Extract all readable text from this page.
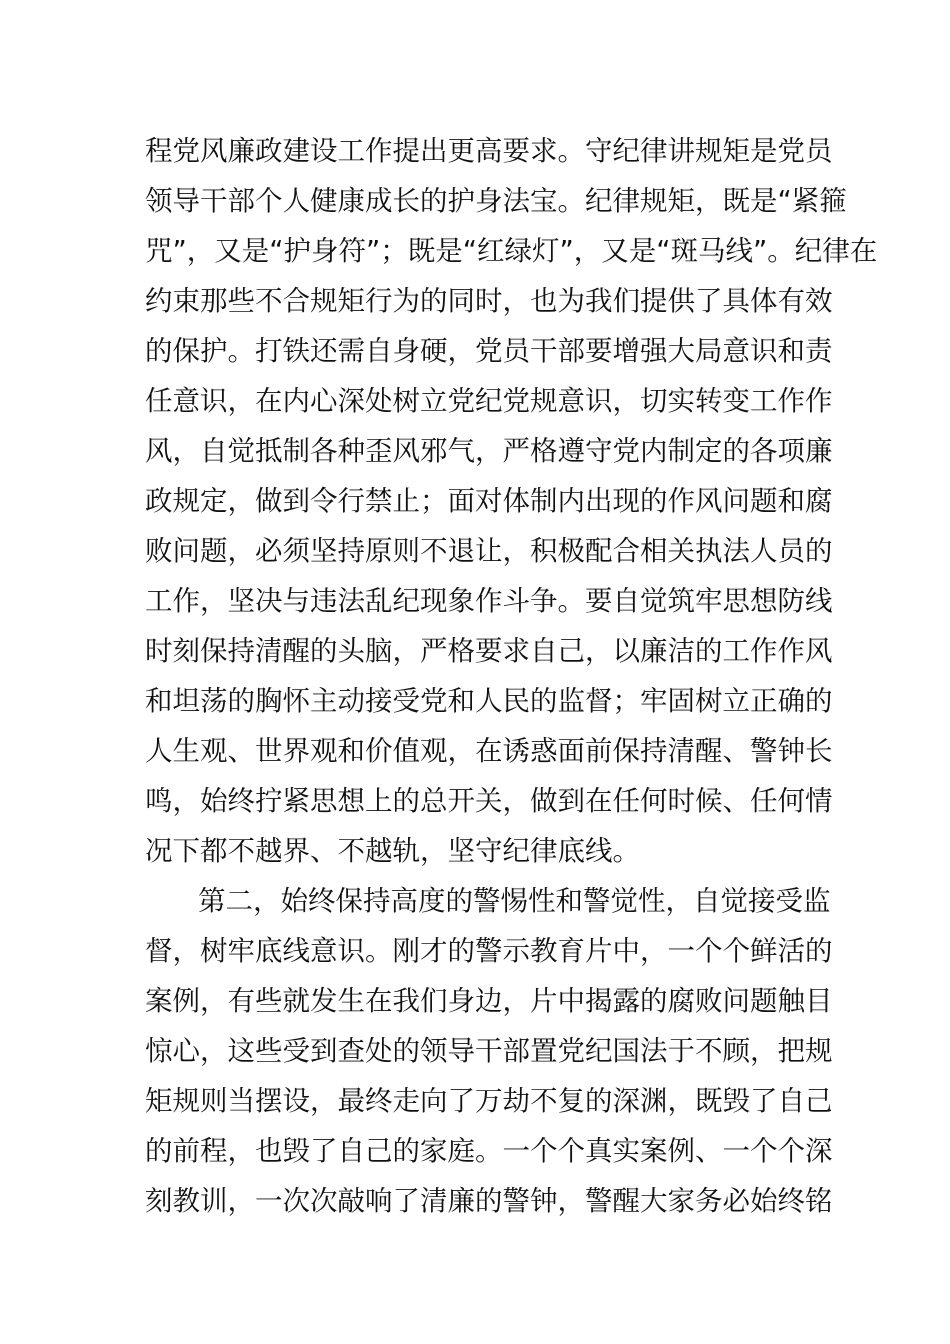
程党风廉政建设工作提出更高要求。守纪律讲规矩是党员
领导干部个人健康成长的护身法宝。纪律规矩，既是“紧箍
咒”，又是“护身符”；既是“红绿灯”，又是“斑马线”。纪律在
约束那些不合规矩行为的同时，也为我们提供了具体有效
的保护。打铁还需自身硬，党员干部要增强大局意识和责
任意识，在内心深处树立党纪党规意识，切实转变工作作
风，自觉抵制各种歪风邪气，严格遵守党内制定的各项廉
政规定，做到令行禁止；面对体制内出现的作风问题和腐
败问题，必须坚持原则不退让，积极配合相关执法人员的
工作，坚决与违法乱纪现象作斗争。要自觉筑牢思想防线
时刻保持清醒的头脑，严格要求自己，以廉洁的工作作风
和坦荡的胸怀主动接受党和人民的监督；牢固树立正确的
人生观、世界观和价值观，在诱惑面前保持清醒、警钟长
鸣，始终拧紧思想上的总开关，做到在任何时候、任何情
况下都不越界、不越轨，坚守纪律底线。
第二，始终保持高度的警惕性和警觉性，自觉接受监
督，树牢底线意识。刚才的警示教育片中，一个个鲜活的
案例，有些就发生在我们身边，片中揭露的腐败问题触目
惊心，这些受到查处的领导干部置党纪国法于不顾，把规
矩规则当摆设，最终走向了万劫不复的深渊，既毁了自己
的前程，也毁了自己的家庭。一个个真实案例、一个个深
刻教训，一次次敲响了清廉的警钟，警醒大家务必始终铭
